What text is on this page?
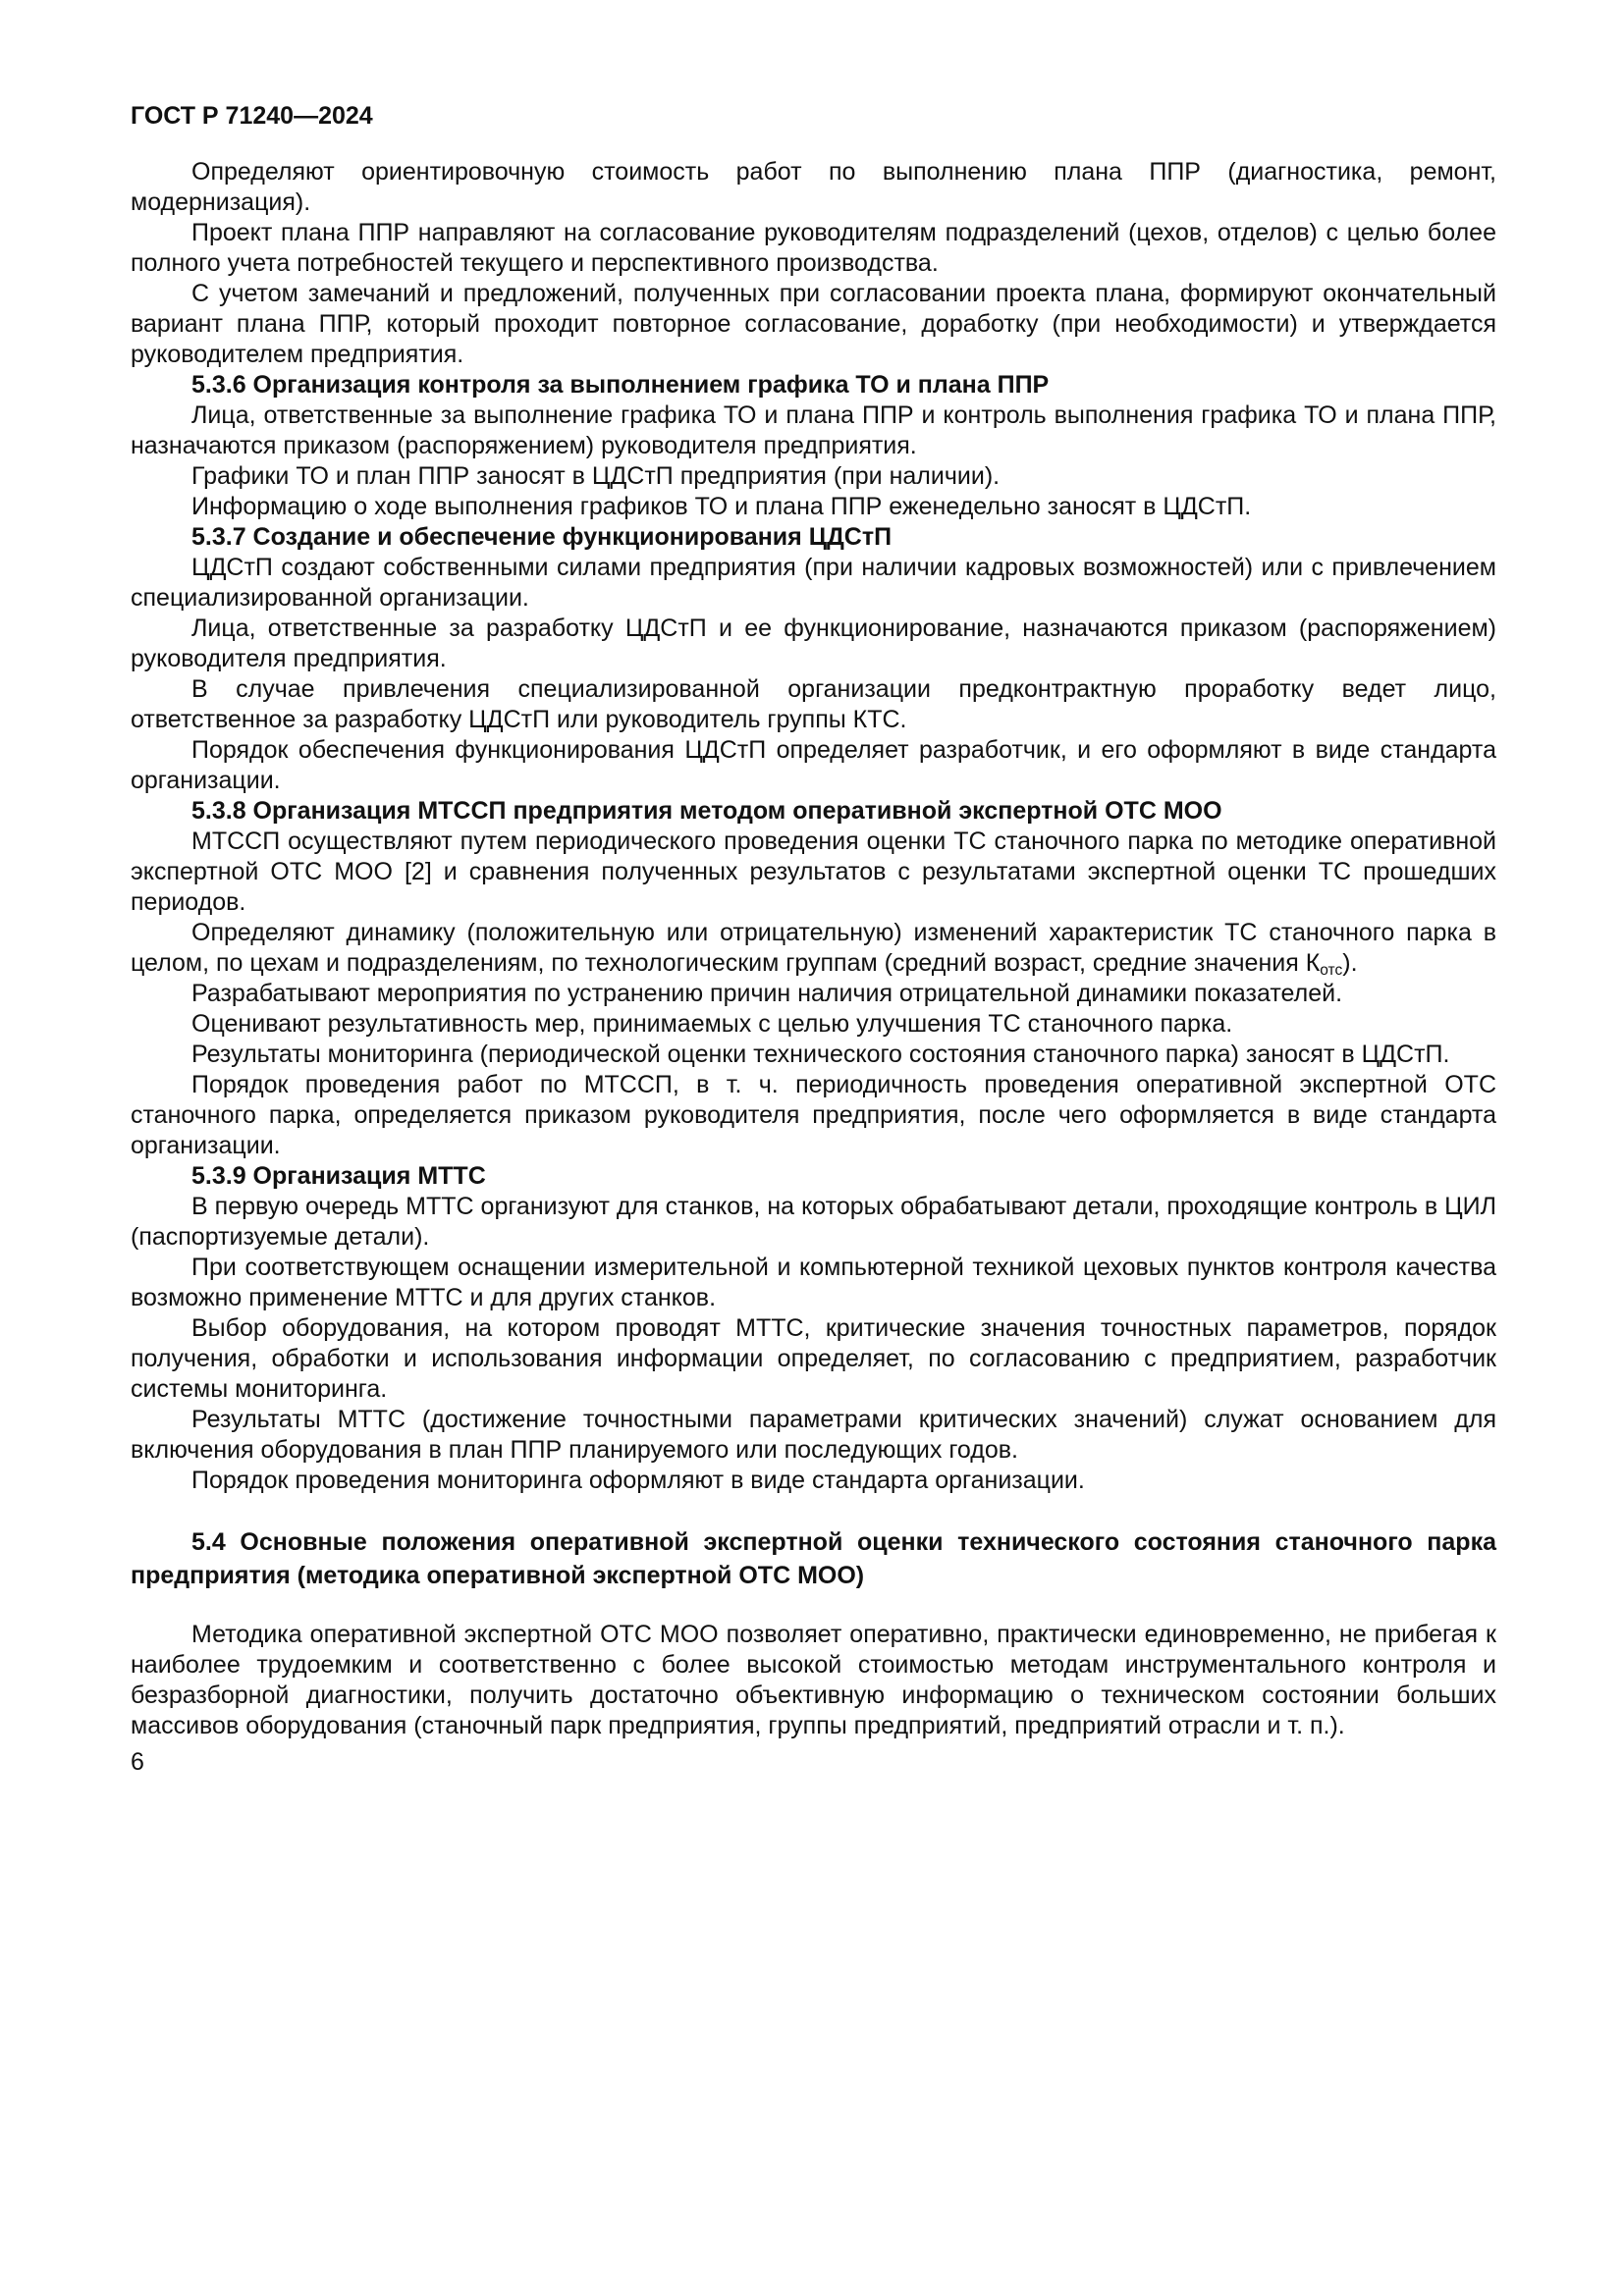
ГОСТ Р 71240—2024

Определяют ориентировочную стоимость работ по выполнению плана ППР (диагностика, ремонт, модернизация).

Проект плана ППР направляют на согласование руководителям подразделений (цехов, отделов) с целью более полного учета потребностей текущего и перспективного производства.

С учетом замечаний и предложений, полученных при согласовании проекта плана, формируют окончательный вариант плана ППР, который проходит повторное согласование, доработку (при необходимости) и утверждается руководителем предприятия.

5.3.6 Организация контроля за выполнением графика ТО и плана ППР

Лица, ответственные за выполнение графика ТО и плана ППР и контроль выполнения графика ТО и плана ППР, назначаются приказом (распоряжением) руководителя предприятия.

Графики ТО и план ППР заносят в ЦДСтП предприятия (при наличии).

Информацию о ходе выполнения графиков ТО и плана ППР еженедельно заносят в ЦДСтП.

5.3.7 Создание и обеспечение функционирования ЦДСтП

ЦДСтП создают собственными силами предприятия (при наличии кадровых возможностей) или с привлечением специализированной организации.

Лица, ответственные за разработку ЦДСтП и ее функционирование, назначаются приказом (распоряжением) руководителя предприятия.

В случае привлечения специализированной организации предконтрактную проработку ведет лицо, ответственное за разработку ЦДСтП или руководитель группы КТС.

Порядок обеспечения функционирования ЦДСтП определяет разработчик, и его оформляют в виде стандарта организации.

5.3.8 Организация МТССП предприятия методом оперативной экспертной ОТС МОО

МТССП осуществляют путем периодического проведения оценки ТС станочного парка по методике оперативной экспертной ОТС МОО [2] и сравнения полученных результатов с результатами экспертной оценки ТС прошедших периодов.

Определяют динамику (положительную или отрицательную) изменений характеристик ТС станочного парка в целом, по цехам и подразделениям, по технологическим группам (средний возраст, средние значения $К_{отс}$).

Разрабатывают мероприятия по устранению причин наличия отрицательной динамики показателей.

Оценивают результативность мер, принимаемых с целью улучшения ТС станочного парка.

Результаты мониторинга (периодической оценки технического состояния станочного парка) заносят в ЦДСтП.

Порядок проведения работ по МТССП, в т. ч. периодичность проведения оперативной экспертной ОТС станочного парка, определяется приказом руководителя предприятия, после чего оформляется в виде стандарта организации.

5.3.9 Организация МТТС

В первую очередь МТТС организуют для станков, на которых обрабатывают детали, проходящие контроль в ЦИЛ (паспортизуемые детали).

При соответствующем оснащении измерительной и компьютерной техникой цеховых пунктов контроля качества возможно применение МТТС и для других станков.

Выбор оборудования, на котором проводят МТТС, критические значения точностных параметров, порядок получения, обработки и использования информации определяет, по согласованию с предприятием, разработчик системы мониторинга.

Результаты МТТС (достижение точностными параметрами критических значений) служат основанием для включения оборудования в план ППР планируемого или последующих годов.

Порядок проведения мониторинга оформляют в виде стандарта организации.

5.4 Основные положения оперативной экспертной оценки технического состояния станочного парка предприятия (методика оперативной экспертной ОТС МОО)

Методика оперативной экспертной ОТС МОО позволяет оперативно, практически единовременно, не прибегая к наиболее трудоемким и соответственно с более высокой стоимостью методам инструментального контроля и безразборной диагностики, получить достаточно объективную информацию о техническом состоянии больших массивов оборудования (станочный парк предприятия, группы предприятий, предприятий отрасли и т. п.).

6
